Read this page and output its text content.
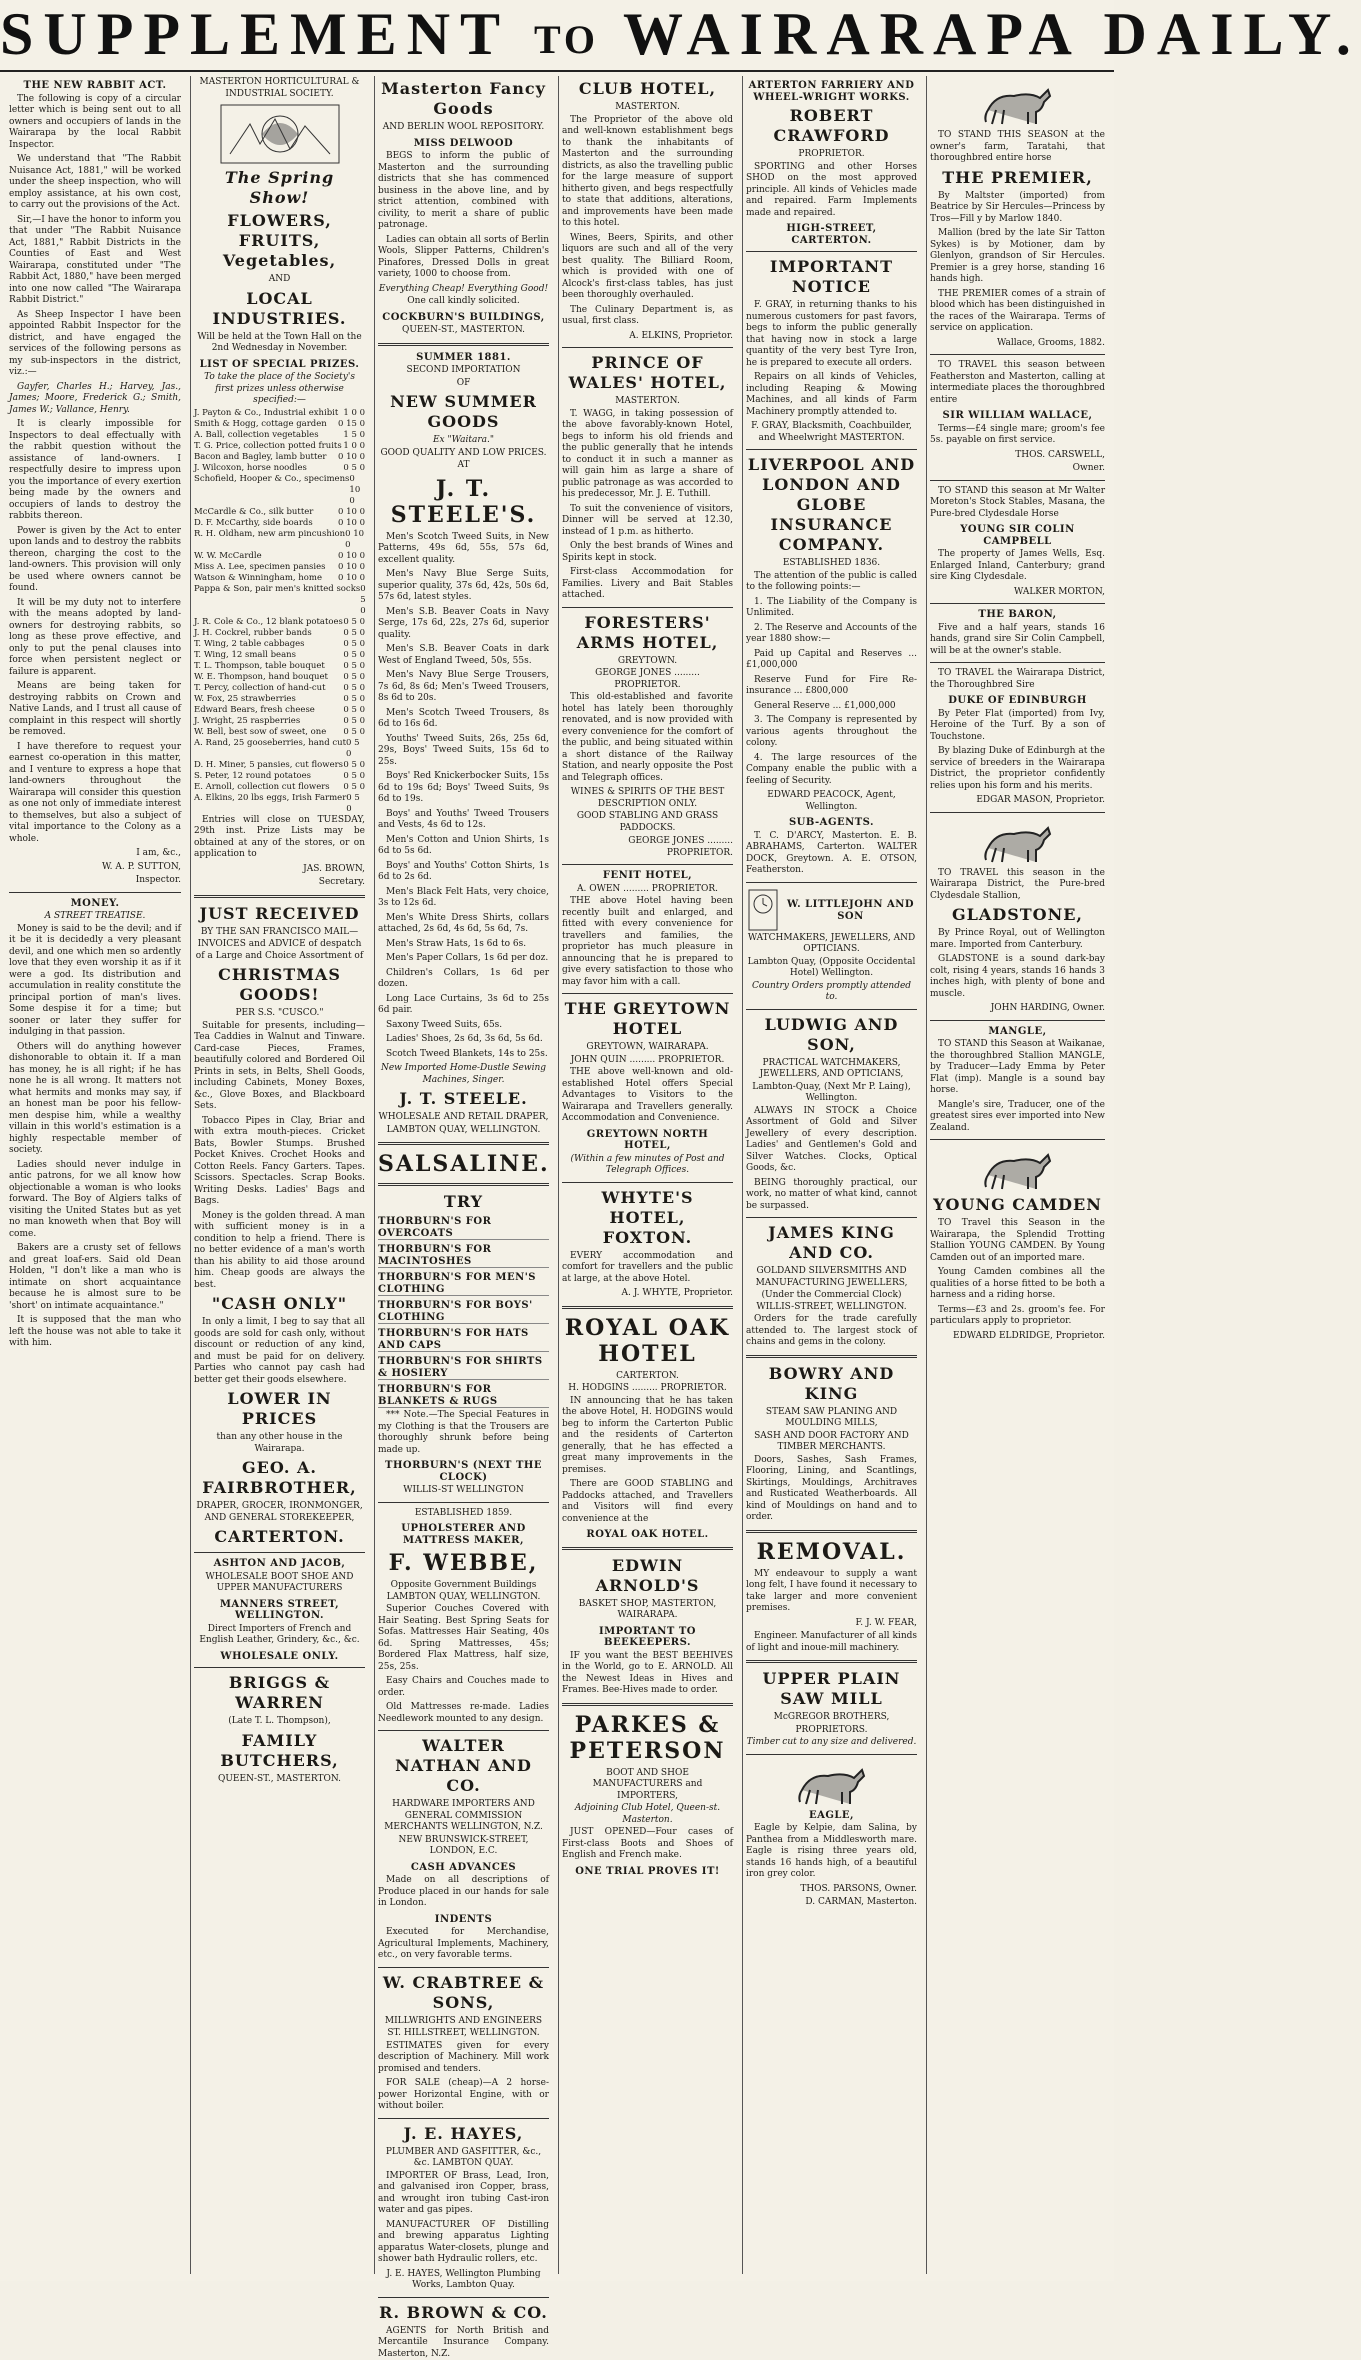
SUPPLEMENT TO WAIRARAPA DAILY.
THE NEW RABBIT ACT.

The following is copy of a circular letter which is being sent out to all owners and occupiers of lands in the Wairarapa by the local Rabbit Inspector.

We understand that "The Rabbit Nuisance Act, 1881," will be worked under the sheep inspection, who will employ assistance, at his own cost, to carry out the provisions of the Act.

Sir,—I have the honor to inform you that under "The Rabbit Nuisance Act, 1881," Rabbit Districts in the Counties of East and West Wairarapa, constituted under "The Rabbit Act, 1880," have been merged into one now called "The Wairarapa Rabbit District."

As Sheep Inspector I have been appointed Rabbit Inspector for the district, and have engaged the services of the following persons as my sub-inspectors in the district, viz.:—

Gayfer, Charles H.; Harvey, Jas., James; Moore, Frederick G.; Smith, James W.; Vallance, Henry.

It is clearly impossible for Inspectors to deal effectually with the rabbit question without the assistance of land-owners. I respectfully desire to impress upon you the importance of every exertion being made by the owners and occupiers of lands to destroy the rabbits thereon.

Power is given by the Act to enter upon lands and to destroy the rabbits thereon, charging the cost to the land-owners. This provision will only be used where owners cannot be found.

It will be my duty not to interfere with the means adopted by land-owners for destroying rabbits, so long as these prove effective, and only to put the penal clauses into force when persistent neglect or failure is apparent.

Means are being taken for destroying rabbits on Crown and Native Lands, and I trust all cause of complaint in this respect will shortly be removed.

I have therefore to request your earnest co-operation in this matter, and I venture to express a hope that land-owners throughout the Wairarapa will consider this question as one not only of immediate interest to themselves, but also a subject of vital importance to the Colony as a whole.

I am, &c.,
W. A. P. SUTTON,
Inspector.
MONEY.
A STREET TREATISE.

Money is said to be the devil; and if it be it is decidedly a very pleasant devil, and one which men so ardently love that they even worship it as if it were a god. Its distribution and accumulation in reality constitute the principal portion of man's lives. Some despise it for a time; but sooner or later they suffer for indulging in that passion.

Others will do anything however dishonorable to obtain it. If a man has money, he is all right; if he has none he is all wrong. It matters not what hermits and monks may say, if an honest man be poor his fellow-men despise him, while a wealthy villain in this world's estimation is a highly respectable member of society.

Ladies should never indulge in antic patrons, for we all know how objectionable a woman is who looks forward. The Boy of Algiers talks of visiting the United States but as yet no man knoweth when that Boy will come.

Bakers are a crusty set of fellows and great loaf-ers. Said old Dean Holden, "I don't like a man who is intimate on short acquaintance because he is almost sure to be 'short' on intimate acquaintance."

It is supposed that the man who left the house was not able to take it with him.

MASTERTON HORTICULTURAL & INDUSTRIAL SOCIETY.
The Spring Show!
FLOWERS, FRUITS, Vegetables,
AND
LOCAL INDUSTRIES.
Will be held at the Town Hall on the 2nd Wednesday in November.
LIST OF SPECIAL PRIZES.
To take the place of the Society's first prizes unless otherwise specified:—
J. Payton & Co., Industrial exhibit 1 0 0
Smith & Hogg, cottage garden	0 15 0
A. Ball, collection vegetables	1 5 0
T. G. Price, collection potted fruits 1 0 0
Bacon and Bagley, lamb butter	0 10 0
J. Wilcoxon, horse noodles	0 5 0
Schofield, Hooper & Co., specimens 0 10 0
McCardle & Co., silk butter	0 10 0
D. F. McCarthy, side boards	0 10 0
R. H. Oldham, new arm pincushion 0 10 0
W. W. McCardle	0 10 0
Miss A. Lee, specimen pansies	0 10 0
Watson & Winningham, home	0 10 0
Pappa & Son, pair men's knitted socks 0 5 0
J. R. Cole & Co., 12 blank potatoes 0 5 0
J. H. Cockrel, rubber bands	0 5 0
T. Wing, 2 table cabbages	0 5 0
T. Wing, 12 small beans	0 5 0
T. L. Thompson, table bouquet	0 5 0
W. E. Thompson, hand bouquet	0 5 0
T. Percy, collection of hand-cut	0 5 0
W. Fox, 25 strawberries	0 5 0
Edward Bears, fresh cheese	0 5 0
J. Wright, 25 raspberries	0 5 0
W. Bell, best sow of sweet, one	0 5 0
A. Rand, 25 gooseberries, hand cut 0 5 0
D. H. Miner, 5 pansies, cut flowers 0 5 0
S. Peter, 12 round potatoes	0 5 0
E. Arnoll, collection cut flowers	0 5 0
A. Elkins, 20 lbs eggs, Irish Farmer 0 5 0

Entries will close on TUESDAY, 29th inst. Prize Lists may be obtained at any of the stores, or on application to

JAS. BROWN,
Secretary.
JUST RECEIVED
BY THE SAN FRANCISCO MAIL—
INVOICES and ADVICE of despatch of a Large and Choice Assortment of
CHRISTMAS GOODS!
PER S.S. "CUSCO."

Suitable for presents, including—Tea Caddies in Walnut and Tinware. Card-case Pieces, Frames, beautifully colored and Bordered Oil Prints in sets, in Belts, Shell Goods, including Cabinets, Money Boxes, &c., Glove Boxes, and Blackboard Sets.

Tobacco Pipes in Clay, Briar and with extra mouth-pieces. Cricket Bats, Bowler Stumps. Brushed Pocket Knives. Crochet Hooks and Cotton Reels. Fancy Garters. Tapes. Scissors. Spectacles. Scrap Books. Writing Desks. Ladies' Bags and Bags.

Money is the golden thread. A man with sufficient money is in a condition to help a friend. There is no better evidence of a man's worth than his ability to aid those around him. Cheap goods are always the best.

"CASH ONLY"

In only a limit, I beg to say that all goods are sold for cash only, without discount or reduction of any kind, and must be paid for on delivery. Parties who cannot pay cash had better get their goods elsewhere.

LOWER IN PRICES
than any other house in the Wairarapa.
GEO. A. FAIRBROTHER,
DRAPER, GROCER, IRONMONGER, AND GENERAL STOREKEEPER,
CARTERTON.
ASHTON AND JACOB,
WHOLESALE BOOT SHOE AND UPPER MANUFACTURERS
MANNERS STREET, WELLINGTON.
Direct Importers of French and English Leather, Grindery, &c., &c.
WHOLESALE ONLY.
BRIGGS & WARREN
(Late T. L. Thompson),
FAMILY BUTCHERS,
QUEEN-ST., MASTERTON.
Masterton Fancy Goods
AND BERLIN WOOL REPOSITORY.
MISS DELWOOD

BEGS to inform the public of Masterton and the surrounding districts that she has commenced business in the above line, and by strict attention, combined with civility, to merit a share of public patronage.

Ladies can obtain all sorts of Berlin Wools, Slipper Patterns, Children's Pinafores, Dressed Dolls in great variety, 1000 to choose from.

Everything Cheap! Everything Good!
One call kindly solicited.
COCKBURN'S BUILDINGS,
QUEEN-ST., MASTERTON.
SUMMER 1881.
SECOND IMPORTATION
OF
NEW SUMMER GOODS
Ex "Waitara."
GOOD QUALITY AND LOW PRICES.
AT
J. T. STEELE'S.

Men's Scotch Tweed Suits, in New Patterns, 49s 6d, 55s, 57s 6d, excellent quality.

Men's Navy Blue Serge Suits, superior quality, 37s 6d, 42s, 50s 6d, 57s 6d, latest styles.

Men's S.B. Beaver Coats in Navy Serge, 17s 6d, 22s, 27s 6d, superior quality.

Men's S.B. Beaver Coats in dark West of England Tweed, 50s, 55s.

Men's Navy Blue Serge Trousers, 7s 6d, 8s 6d; Men's Tweed Trousers, 8s 6d to 20s.

Men's Scotch Tweed Trousers, 8s 6d to 16s 6d.

Youths' Tweed Suits, 26s, 25s 6d, 29s, Boys' Tweed Suits, 15s 6d to 25s.

Boys' Red Knickerbocker Suits, 15s 6d to 19s 6d; Boys' Tweed Suits, 9s 6d to 19s.

Boys' and Youths' Tweed Trousers and Vests, 4s 6d to 12s.

Men's Cotton and Union Shirts, 1s 6d to 5s 6d.

Boys' and Youths' Cotton Shirts, 1s 6d to 2s 6d.

Men's Black Felt Hats, very choice, 3s to 12s 6d.

Men's White Dress Shirts, collars attached, 2s 6d, 4s 6d, 5s 6d, 7s.

Men's Straw Hats, 1s 6d to 6s.

Men's Paper Collars, 1s 6d per doz.

Children's Collars, 1s 6d per dozen.

Long Lace Curtains, 3s 6d to 25s 6d pair.

Saxony Tweed Suits, 65s.

Ladies' Shoes, 2s 6d, 3s 6d, 5s 6d.

Scotch Tweed Blankets, 14s to 25s.

New Imported Home-Dustle Sewing Machines, Singer.
J. T. STEELE.
WHOLESALE AND RETAIL DRAPER,
LAMBTON QUAY, WELLINGTON.
SALSALINE.
TRY
THORBURN'S FOR OVERCOATS
THORBURN'S FOR MACINTOSHES
THORBURN'S FOR MEN'S CLOTHING
THORBURN'S FOR BOYS' CLOTHING
THORBURN'S FOR HATS AND CAPS
THORBURN'S FOR SHIRTS & HOSIERY
THORBURN'S FOR BLANKETS & RUGS

*** Note.—The Special Features in my Clothing is that the Trousers are thoroughly shrunk before being made up.

THORBURN'S (NEXT THE CLOCK)
WILLIS-ST WELLINGTON
ESTABLISHED 1859.
UPHOLSTERER AND MATTRESS MAKER,
F. WEBBE,
Opposite Government Buildings LAMBTON QUAY, WELLINGTON.

Superior Couches Covered with Hair Seating. Best Spring Seats for Sofas. Mattresses Hair Seating, 40s 6d. Spring Mattresses, 45s; Bordered Flax Mattress, half size, 25s, 25s.

Easy Chairs and Couches made to order.

Old Mattresses re-made. Ladies Needlework mounted to any design.

WALTER NATHAN AND CO.
HARDWARE IMPORTERS AND GENERAL COMMISSION MERCHANTS WELLINGTON, N.Z.
NEW BRUNSWICK-STREET, LONDON, E.C.
CASH ADVANCES

Made on all descriptions of Produce placed in our hands for sale in London.

INDENTS

Executed for Merchandise, Agricultural Implements, Machinery, etc., on very favorable terms.

W. CRABTREE & SONS,
MILLWRIGHTS AND ENGINEERS
ST. HILLSTREET, WELLINGTON.

ESTIMATES given for every description of Machinery. Mill work promised and tenders.

FOR SALE (cheap)—A 2 horse-power Horizontal Engine, with or without boiler.

J. E. HAYES,
PLUMBER AND GASFITTER, &c., &c. LAMBTON QUAY.

IMPORTER OF Brass, Lead, Iron, and galvanised iron Copper, brass, and wrought iron tubing Cast-iron water and gas pipes.

MANUFACTURER OF Distilling and brewing apparatus Lighting apparatus Water-closets, plunge and shower bath Hydraulic rollers, etc.

J. E. HAYES, Wellington Plumbing Works, Lambton Quay.
R. BROWN & CO.

AGENTS for North British and Mercantile Insurance Company. Masterton, N.Z.

CLUB HOTEL,
MASTERTON.

The Proprietor of the above old and well-known establishment begs to thank the inhabitants of Masterton and the surrounding districts, as also the travelling public for the large measure of support hitherto given, and begs respectfully to state that additions, alterations, and improvements have been made to this hotel.

Wines, Beers, Spirits, and other liquors are such and all of the very best quality. The Billiard Room, which is provided with one of Alcock's first-class tables, has just been thoroughly overhauled.

The Culinary Department is, as usual, first class.

A. ELKINS, Proprietor.
PRINCE OF WALES' HOTEL,
MASTERTON.

T. WAGG, in taking possession of the above favorably-known Hotel, begs to inform his old friends and the public generally that he intends to conduct it in such a manner as will gain him as large a share of public patronage as was accorded to his predecessor, Mr. J. E. Tuthill.

To suit the convenience of visitors, Dinner will be served at 12.30, instead of 1 p.m. as hitherto.

Only the best brands of Wines and Spirits kept in stock.

First-class Accommodation for Families. Livery and Bait Stables attached.

FORESTERS' ARMS HOTEL,
GREYTOWN.
GEORGE JONES ......... PROPRIETOR.

This old-established and favorite hotel has lately been thoroughly renovated, and is now provided with every convenience for the comfort of the public, and being situated within a short distance of the Railway Station, and nearly opposite the Post and Telegraph offices.

WINES & SPIRITS OF THE BEST DESCRIPTION ONLY.
GOOD STABLING AND GRASS PADDOCKS.
GEORGE JONES ......... PROPRIETOR.
FENIT HOTEL,
A. OWEN ......... PROPRIETOR.

THE above Hotel having been recently built and enlarged, and fitted with every convenience for travellers and families, the proprietor has much pleasure in announcing that he is prepared to give every satisfaction to those who may favor him with a call.

THE GREYTOWN HOTEL
GREYTOWN, WAIRARAPA.
JOHN QUIN ......... PROPRIETOR.

THE above well-known and old-established Hotel offers Special Advantages to Visitors to the Wairarapa and Travellers generally. Accommodation and Convenience.

GREYTOWN NORTH HOTEL,
(Within a few minutes of Post and Telegraph Offices.
WHYTE'S HOTEL, FOXTON.

EVERY accommodation and comfort for travellers and the public at large, at the above Hotel.

A. J. WHYTE, Proprietor.
ROYAL OAK HOTEL
CARTERTON.
H. HODGINS ......... PROPRIETOR.

IN announcing that he has taken the above Hotel, H. HODGINS would beg to inform the Carterton Public and the residents of Carterton generally, that he has effected a great many improvements in the premises.

There are GOOD STABLING and Paddocks attached, and Travellers and Visitors will find every convenience at the

ROYAL OAK HOTEL.
EDWIN ARNOLD'S
BASKET SHOP, MASTERTON, WAIRARAPA.
IMPORTANT TO BEEKEEPERS.

IF you want the BEST BEEHIVES in the World, go to E. ARNOLD. All the Newest Ideas in Hives and Frames. Bee-Hives made to order.

PARKES & PETERSON
BOOT AND SHOE MANUFACTURERS and IMPORTERS,
Adjoining Club Hotel, Queen-st. Masterton.

JUST OPENED—Four cases of First-class Boots and Shoes of English and French make.

ONE TRIAL PROVES IT!
ARTERTON FARRIERY AND WHEEL-WRIGHT WORKS.
ROBERT CRAWFORD
PROPRIETOR.

SPORTING and other Horses SHOD on the most approved principle. All kinds of Vehicles made and repaired. Farm Implements made and repaired.

HIGH-STREET, CARTERTON.
IMPORTANT NOTICE

F. GRAY, in returning thanks to his numerous customers for past favors, begs to inform the public generally that having now in stock a large quantity of the very best Tyre Iron, he is prepared to execute all orders.

Repairs on all kinds of Vehicles, including Reaping & Mowing Machines, and all kinds of Farm Machinery promptly attended to.

F. GRAY, Blacksmith, Coachbuilder, and Wheelwright MASTERTON.
LIVERPOOL AND LONDON AND GLOBE INSURANCE COMPANY.
ESTABLISHED 1836.

The attention of the public is called to the following points:—

1. The Liability of the Company is Unlimited.

2. The Reserve and Accounts of the year 1880 show:—

Paid up Capital and Reserves ... £1,000,000

Reserve Fund for Fire Re-insurance ... £800,000

General Reserve ... £1,000,000

3. The Company is represented by various agents throughout the colony.

4. The large resources of the Company enable the public with a feeling of Security.

EDWARD PEACOCK, Agent, Wellington.
SUB-AGENTS.

T. C. D'ARCY, Masterton. E. B. ABRAHAMS, Carterton. WALTER DOCK, Greytown. A. E. OTSON, Featherston.

W. LITTLEJOHN AND SON
WATCHMAKERS, JEWELLERS, AND OPTICIANS.
Lambton Quay, (Opposite Occidental Hotel) Wellington.
Country Orders promptly attended to.
LUDWIG AND SON,
PRACTICAL WATCHMAKERS, JEWELLERS, AND OPTICIANS,
Lambton-Quay, (Next Mr P. Laing), Wellington.

ALWAYS IN STOCK a Choice Assortment of Gold and Silver Jewellery of every description. Ladies' and Gentlemen's Gold and Silver Watches. Clocks, Optical Goods, &c.

BEING thoroughly practical, our work, no matter of what kind, cannot be surpassed.

JAMES KING AND CO.
GOLDAND SILVERSMITHS AND MANUFACTURING JEWELLERS,
(Under the Commercial Clock) WILLIS-STREET, WELLINGTON.

Orders for the trade carefully attended to. The largest stock of chains and gems in the colony.

BOWRY AND KING
STEAM SAW PLANING AND MOULDING MILLS,
SASH AND DOOR FACTORY AND TIMBER MERCHANTS.

Doors, Sashes, Sash Frames, Flooring, Lining, and Scantlings, Skirtings, Mouldings, Architraves and Rusticated Weatherboards. All kind of Mouldings on hand and to order.

REMOVAL.

MY endeavour to supply a want long felt, I have found it necessary to take larger and more convenient premises.

F. J. W. FEAR,

Engineer. Manufacturer of all kinds of light and inoue-mill machinery.

UPPER PLAIN SAW MILL
McGREGOR BROTHERS,
PROPRIETORS.
Timber cut to any size and delivered.
EAGLE,

Eagle by Kelpie, dam Salina, by Panthea from a Middlesworth mare. Eagle is rising three years old, stands 16 hands high, of a beautiful iron grey color.

THOS. PARSONS, Owner.
D. CARMAN, Masterton.

TO STAND THIS SEASON at the owner's farm, Taratahi, that thoroughbred entire horse

THE PREMIER,

By Maltster (imported) from Beatrice by Sir Hercules—Princess by Tros—Fill y by Marlow 1840.

Mallion (bred by the late Sir Tatton Sykes) is by Motioner, dam by Glenlyon, grandson of Sir Hercules. Premier is a grey horse, standing 16 hands high.

THE PREMIER comes of a strain of blood which has been distinguished in the races of the Wairarapa. Terms of service on application.

Wallace, Grooms, 1882.

TO TRAVEL this season between Featherston and Masterton, calling at intermediate places the thoroughbred entire

SIR WILLIAM WALLACE,

Terms—£4 single mare; groom's fee 5s. payable on first service.

THOS. CARSWELL,
Owner.

TO STAND this season at Mr Walter Moreton's Stock Stables, Masana, the Pure-bred Clydesdale Horse

YOUNG SIR COLIN CAMPBELL

The property of James Wells, Esq. Enlarged Inland, Canterbury; grand sire King Clydesdale.

WALKER MORTON,
THE BARON,

Five and a half years, stands 16 hands, grand sire Sir Colin Campbell, will be at the owner's stable.

TO TRAVEL the Wairarapa District, the Thoroughbred Sire

DUKE OF EDINBURGH

By Peter Flat (imported) from Ivy, Heroine of the Turf. By a son of Touchstone.

By blazing Duke of Edinburgh at the service of breeders in the Wairarapa District, the proprietor confidently relies upon his form and his merits.

EDGAR MASON, Proprietor.

TO TRAVEL this season in the Wairarapa District, the Pure-bred Clydesdale Stallion,

GLADSTONE,

By Prince Royal, out of Wellington mare. Imported from Canterbury.

GLADSTONE is a sound dark-bay colt, rising 4 years, stands 16 hands 3 inches high, with plenty of bone and muscle.

JOHN HARDING, Owner.
MANGLE,

TO STAND this Season at Waikanae, the thoroughbred Stallion MANGLE, by Traducer—Lady Emma by Peter Flat (imp). Mangle is a sound bay horse.

Mangle's sire, Traducer, one of the greatest sires ever imported into New Zealand.

YOUNG CAMDEN

TO Travel this Season in the Wairarapa, the Splendid Trotting Stallion YOUNG CAMDEN. By Young Camden out of an imported mare.

Young Camden combines all the qualities of a horse fitted to be both a harness and a riding horse.

Terms—£3 and 2s. groom's fee. For particulars apply to proprietor.

EDWARD ELDRIDGE, Proprietor.
